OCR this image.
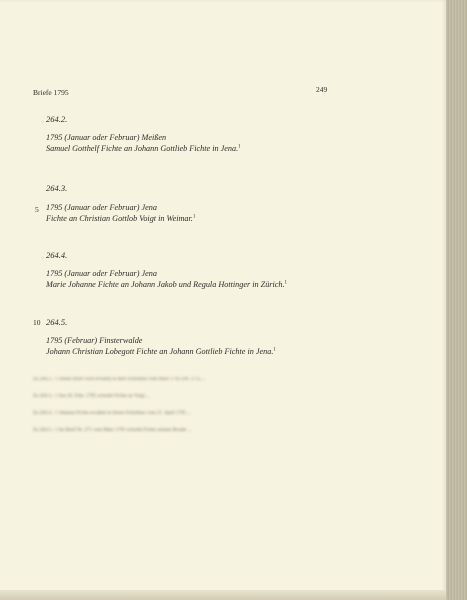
Briefe 1795	249
264.2.
1795 (Januar oder Februar) Meißen
Samuel Gotthelf Fichte an Johann Gottlieb Fichte in Jena.$^1$
264.3.
5 1795 (Januar oder Februar) Jena
Fichte an Christian Gottlob Voigt in Weimar.$^1$
264.4.
1795 (Januar oder Februar) Jena
Marie Johanne Fichte an Johann Jakob und Regula Hottinger in Zürich.$^1$
10 264.5.
1795 (Februar) Finsterwalde
Johann Christian Lobegott Fichte an Johann Gottlieb Fichte in Jena.$^1$
Zu 264.2.: 1 Dieser Brief wird erwähnt in dem Schreiben vom März 1795 (Nr. 271) ...
Zu 264.3.: 1 Am 26. Febr. 1795 schreibt Fichte an Voigt ...
Zu 264.4.: 1 Johanna Fichte erwähnt in ihrem Schreiben vom 21. April 1795 ...
Zu 264.5.: 1 Im Brief Nr. 271 vom März 1795 schreibt Fichte seinem Bruder ...
